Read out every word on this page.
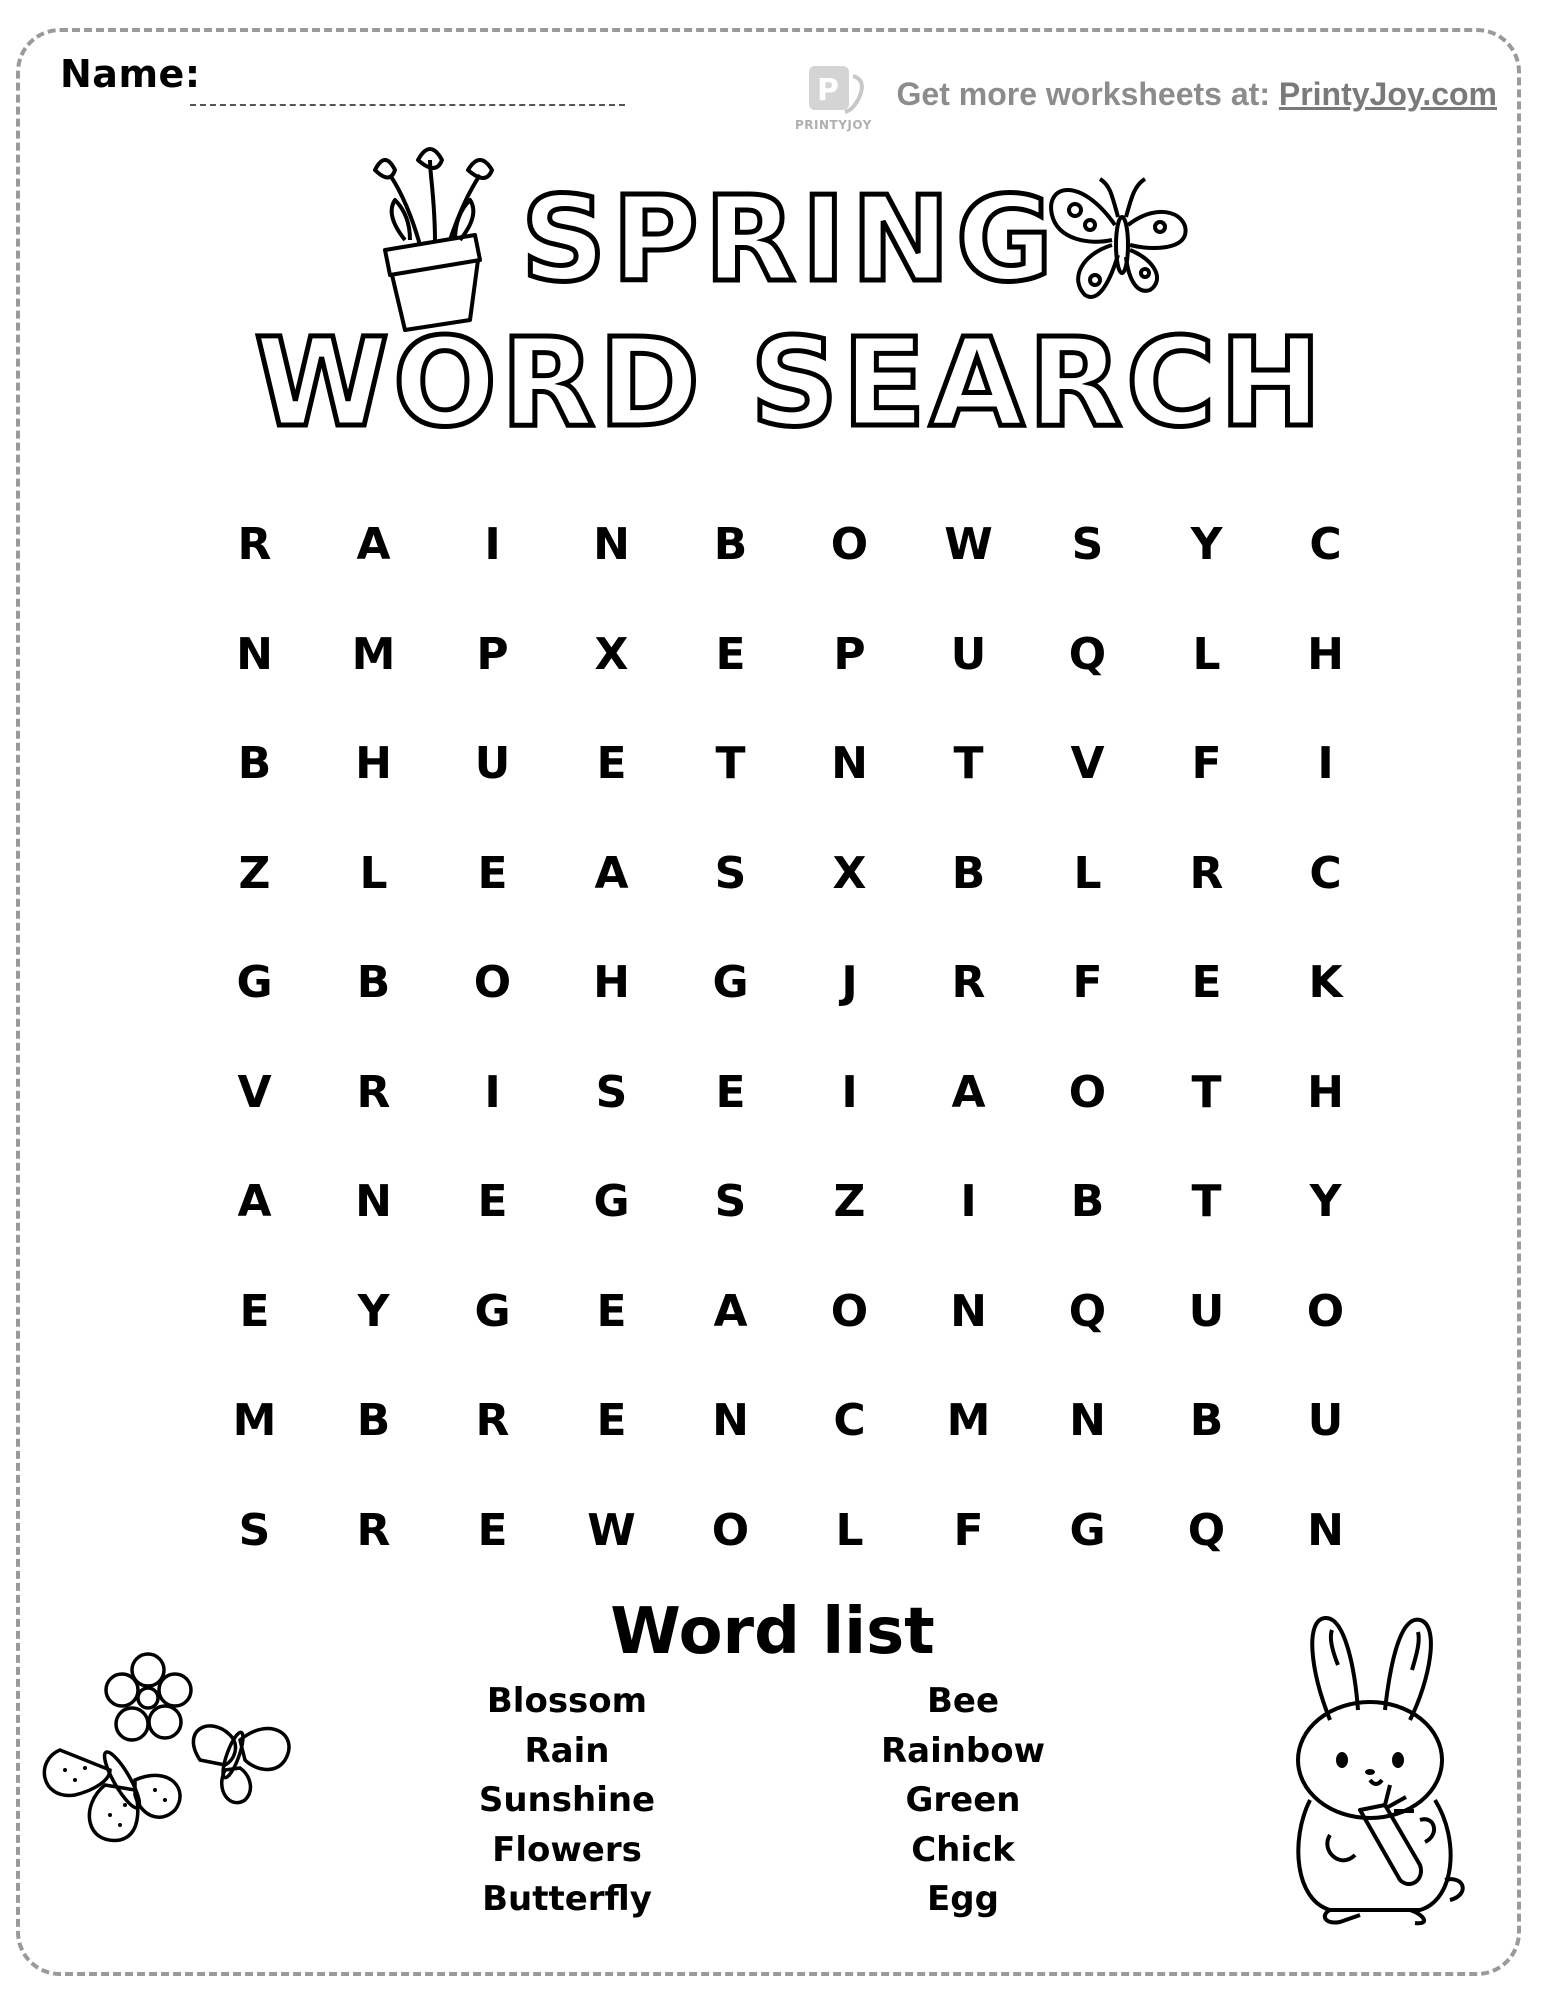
Name:	P
PRINTYJOY
Get more worksheets at: PrintyJoy.com
SPRING
WORD SEARCH
R	A	I	N	B	O	W	S	Y	C
N	M	P	X	E	P	U	Q	L	H
B	H	U	E	T	N	T	V	F	I
Z	L	E	A	S	X	B	L	R	C
G	B	O	H	G	J	R	F	E	K
V	R	I	S	E	I	A	O	T	H
A	N	E	G	S	Z	I	B	T	Y
E	Y	G	E	A	O	N	Q	U	O
M	B	R	E	N	C	M	N	B	U
S	R	E	W	O	L	F	G	Q	N
Word list
Blossom
Rain
Sunshine
Flowers
Butterfly
Bee
Rainbow
Green
Chick
Egg
